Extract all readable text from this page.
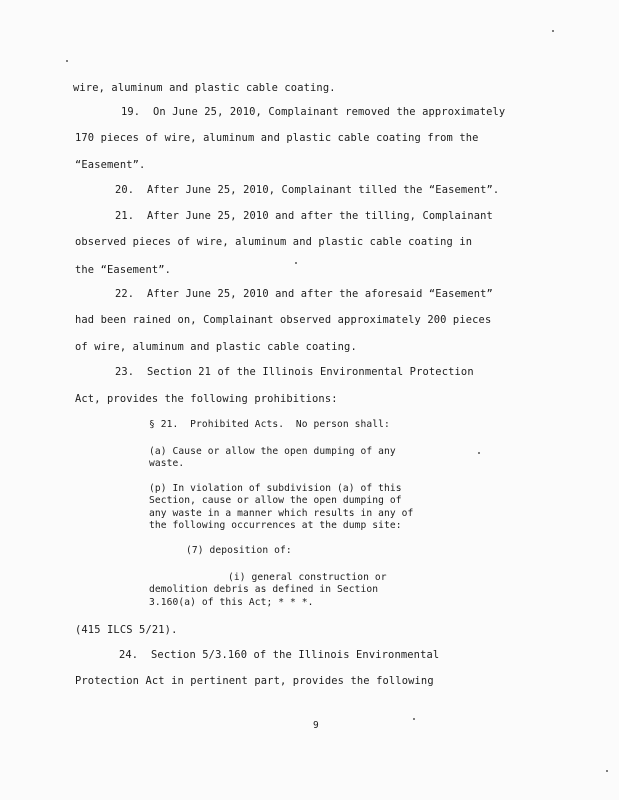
wire, aluminum and plastic cable coating.
19.  On June 25, 2010, Complainant removed the approximately
170 pieces of wire, aluminum and plastic cable coating from the
“Easement”.
20.  After June 25, 2010, Complainant tilled the “Easement”.
21.  After June 25, 2010 and after the tilling, Complainant
observed pieces of wire, aluminum and plastic cable coating in
the “Easement”.
22.  After June 25, 2010 and after the aforesaid “Easement”
had been rained on, Complainant observed approximately 200 pieces
of wire, aluminum and plastic cable coating.
23.  Section 21 of the Illinois Environmental Protection
Act, provides the following prohibitions:
§ 21.  Prohibited Acts.  No person shall:
(a) Cause or allow the open dumping of any
waste.
(p) In violation of subdivision (a) of this
Section, cause or allow the open dumping of
any waste in a manner which results in any of
the following occurrences at the dump site:
(7) deposition of:
(i) general construction or
demolition debris as defined in Section
3.160(a) of this Act; * * *.
(415 ILCS 5/21).
24.  Section 5/3.160 of the Illinois Environmental
Protection Act in pertinent part, provides the following
9
